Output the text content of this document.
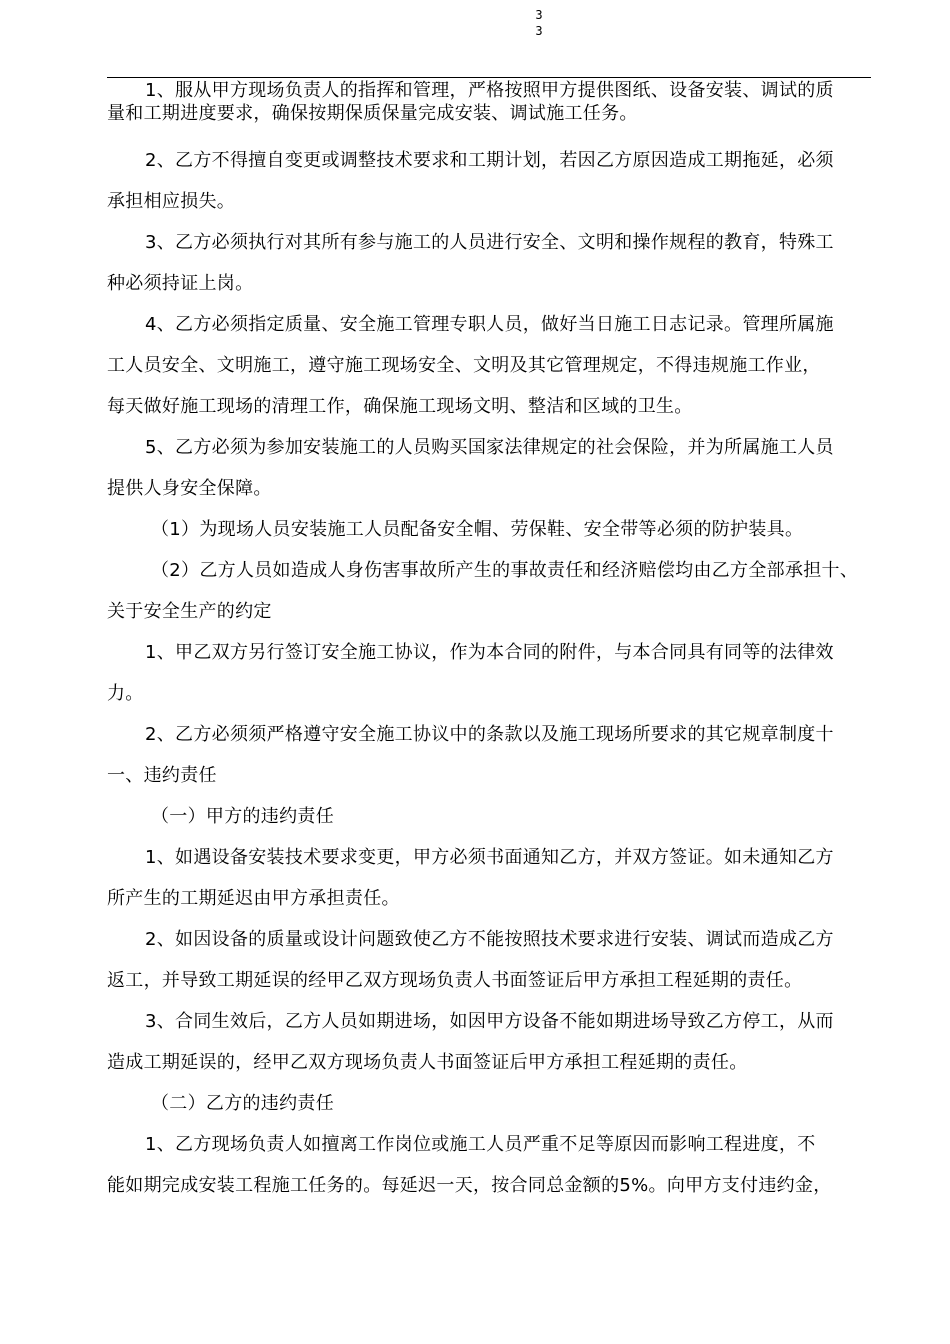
3
3

1、服从甲方现场负责人的指挥和管理，严格按照甲方提供图纸、设备安装、调试的质
量和工期进度要求，确保按期保质保量完成安装、调试施工任务。

2、乙方不得擅自变更或调整技术要求和工期计划，若因乙方原因造成工期拖延，必须
承担相应损失。

3、乙方必须执行对其所有参与施工的人员进行安全、文明和操作规程的教育，特殊工
种必须持证上岗。

4、乙方必须指定质量、安全施工管理专职人员，做好当日施工日志记录。管理所属施
工人员安全、文明施工，遵守施工现场安全、文明及其它管理规定，不得违规施工作业，
每天做好施工现场的清理工作，确保施工现场文明、整洁和区域的卫生。

5、乙方必须为参加安装施工的人员购买国家法律规定的社会保险，并为所属施工人员
提供人身安全保障。

（1）为现场人员安装施工人员配备安全帽、劳保鞋、安全带等必须的防护装具。

（2）乙方人员如造成人身伤害事故所产生的事故责任和经济赔偿均由乙方全部承担十、
关于安全生产的约定

1、甲乙双方另行签订安全施工协议，作为本合同的附件，与本合同具有同等的法律效
力。

2、乙方必须须严格遵守安全施工协议中的条款以及施工现场所要求的其它规章制度十
一、违约责任

（一）甲方的违约责任

1、如遇设备安装技术要求变更，甲方必须书面通知乙方，并双方签证。如未通知乙方
所产生的工期延迟由甲方承担责任。

2、如因设备的质量或设计问题致使乙方不能按照技术要求进行安装、调试而造成乙方
返工，并导致工期延误的经甲乙双方现场负责人书面签证后甲方承担工程延期的责任。

3、合同生效后，乙方人员如期进场，如因甲方设备不能如期进场导致乙方停工，从而
造成工期延误的，经甲乙双方现场负责人书面签证后甲方承担工程延期的责任。

（二）乙方的违约责任

1、乙方现场负责人如擅离工作岗位或施工人员严重不足等原因而影响工程进度，不
能如期完成安装工程施工任务的。每延迟一天，按合同总金额的5%。向甲方支付违约金，
